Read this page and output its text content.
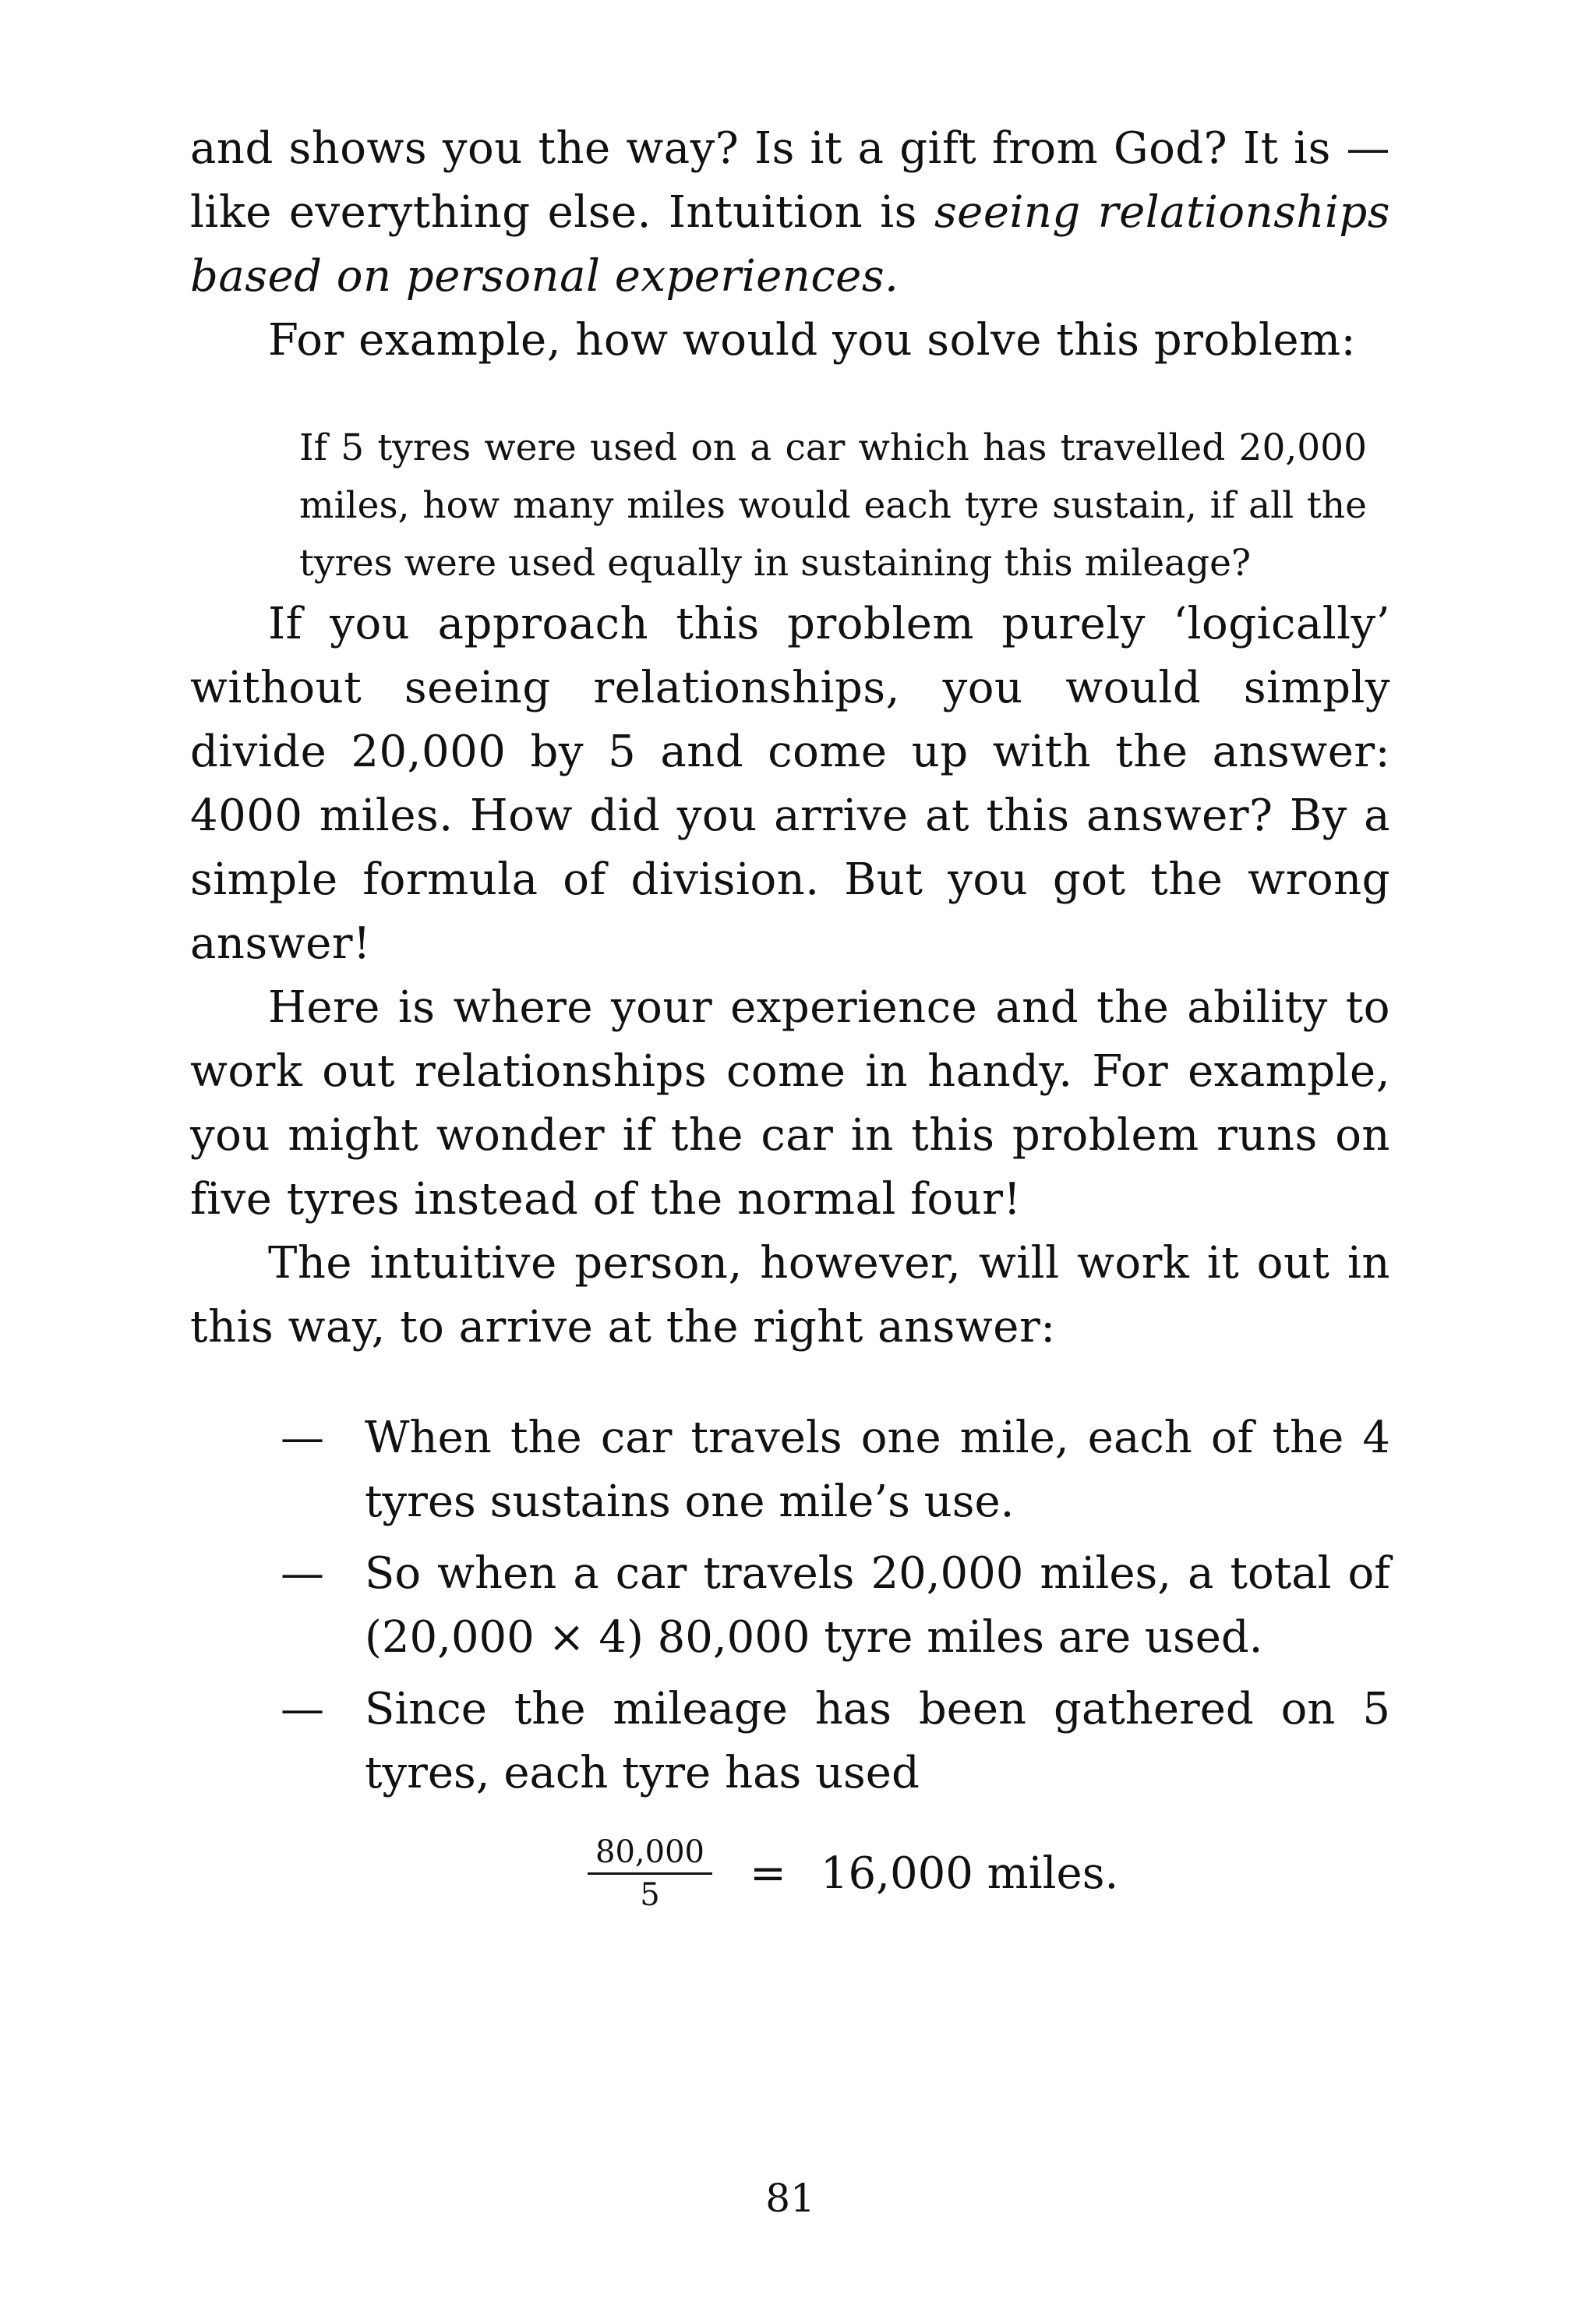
and shows you the way? Is it a gift from God? It is — like everything else. Intuition is seeing relationships based on personal experiences.

For example, how would you solve this problem:

If 5 tyres were used on a car which has travelled 20,000 miles, how many miles would each tyre sustain, if all the tyres were used equally in sustaining this mileage?

If you approach this problem purely ‘logically’ without seeing relationships, you would simply divide 20,000 by 5 and come up with the answer: 4000 miles. How did you arrive at this answer? By a simple formula of division. But you got the wrong answer!

Here is where your experience and the ability to work out relationships come in handy. For example, you might wonder if the car in this problem runs on five tyres instead of the normal four!

The intuitive person, however, will work it out in this way, to arrive at the right answer:

— When the car travels one mile, each of the 4 tyres sustains one mile’s use.
— So when a car travels 20,000 miles, a total of (20,000 × 4) 80,000 tyre miles are used.
— Since the mileage has been gathered on 5 tyres, each tyre has used
$\frac{80,000}{5} = 16,000$ miles.
81
